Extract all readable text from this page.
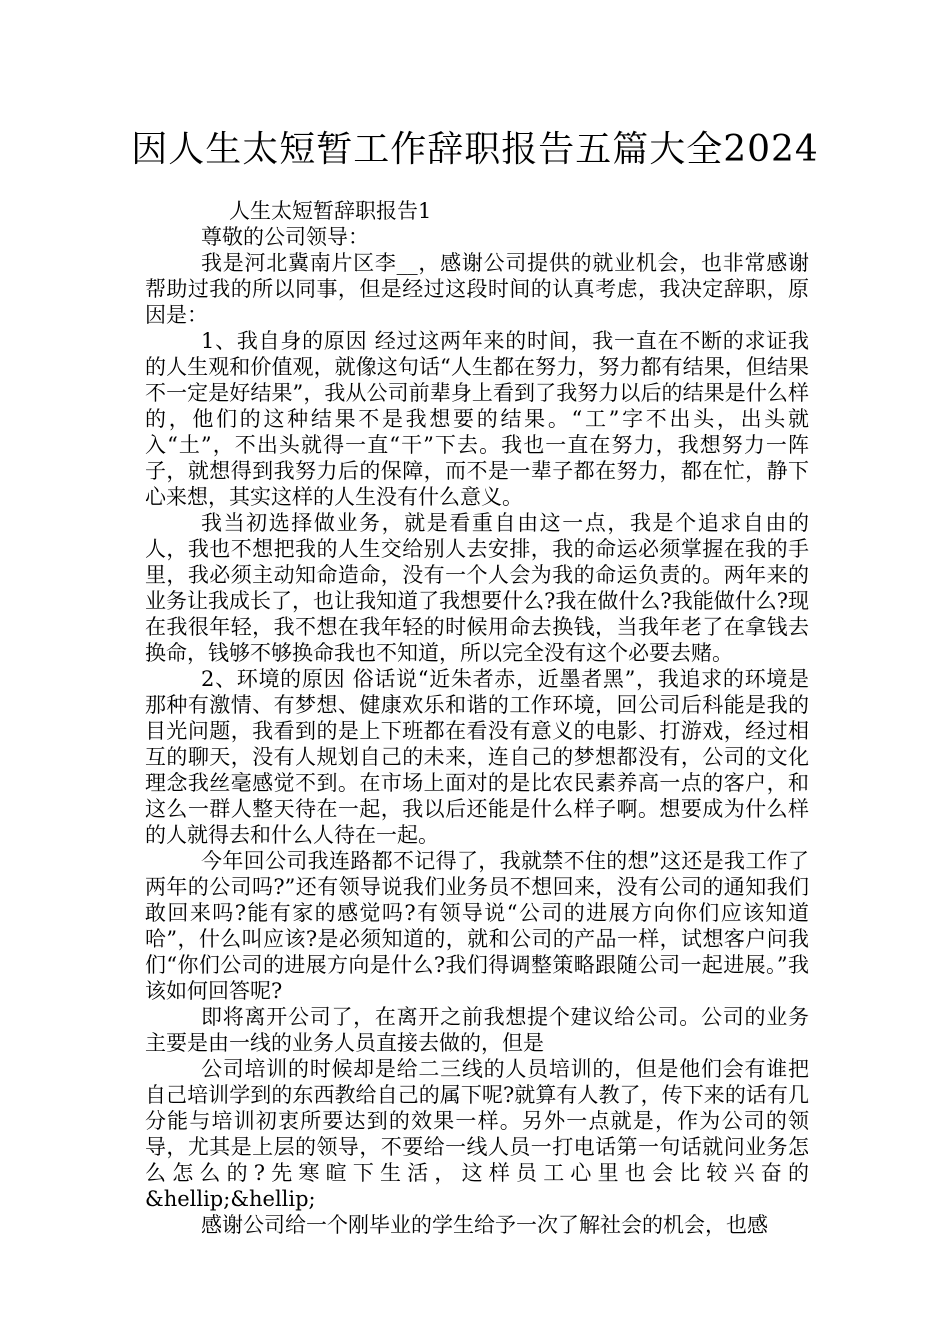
因人生太短暂工作辞职报告五篇大全2024

人生太短暂辞职报告1

尊敬的公司领导：

我是河北冀南片区李__，感谢公司提供的就业机会，也非常感谢帮助过我的所以同事，但是经过这段时间的认真考虑，我决定辞职，原因是：

1、我自身的原因 经过这两年来的时间，我一直在不断的求证我的人生观和价值观，就像这句话“人生都在努力，努力都有结果，但结果不一定是好结果”，我从公司前辈身上看到了我努力以后的结果是什么样的，他们的这种结果不是我想要的结果。“工”字不出头，出头就入“土”，不出头就得一直“干”下去。我也一直在努力，我想努力一阵子，就想得到我努力后的保障，而不是一辈子都在努力，都在忙，静下心来想，其实这样的人生没有什么意义。

我当初选择做业务，就是看重自由这一点，我是个追求自由的人，我也不想把我的人生交给别人去安排，我的命运必须掌握在我的手里，我必须主动知命造命，没有一个人会为我的命运负责的。两年来的业务让我成长了，也让我知道了我想要什么?我在做什么?我能做什么?现在我很年轻，我不想在我年轻的时候用命去换钱，当我年老了在拿钱去换命，钱够不够换命我也不知道，所以完全没有这个必要去赌。

2、环境的原因 俗话说“近朱者赤，近墨者黑”，我追求的环境是那种有激情、有梦想、健康欢乐和谐的工作环境，回公司后科能是我的目光问题，我看到的是上下班都在看没有意义的电影、打游戏，经过相互的聊天，没有人规划自己的未来，连自己的梦想都没有，公司的文化理念我丝毫感觉不到。在市场上面对的是比农民素养高一点的客户，和这么一群人整天待在一起，我以后还能是什么样子啊。想要成为什么样的人就得去和什么人待在一起。

今年回公司我连路都不记得了，我就禁不住的想”这还是我工作了两年的公司吗?”还有领导说我们业务员不想回来，没有公司的通知我们敢回来吗?能有家的感觉吗?有领导说“公司的进展方向你们应该知道哈”，什么叫应该?是必须知道的，就和公司的产品一样，试想客户问我们“你们公司的进展方向是什么?我们得调整策略跟随公司一起进展。”我该如何回答呢?

即将离开公司了，在离开之前我想提个建议给公司。公司的业务主要是由一线的业务人员直接去做的，但是

公司培训的时候却是给二三线的人员培训的，但是他们会有谁把自己培训学到的东西教给自己的属下呢?就算有人教了，传下来的话有几分能与培训初衷所要达到的效果一样。另外一点就是，作为公司的领导，尤其是上层的领导，不要给一线人员一打电话第一句话就问业务怎么怎么的?先寒暄下生活，这样员工心里也会比较兴奋的&hellip;&hellip;

感谢公司给一个刚毕业的学生给予一次了解社会的机会，也感
